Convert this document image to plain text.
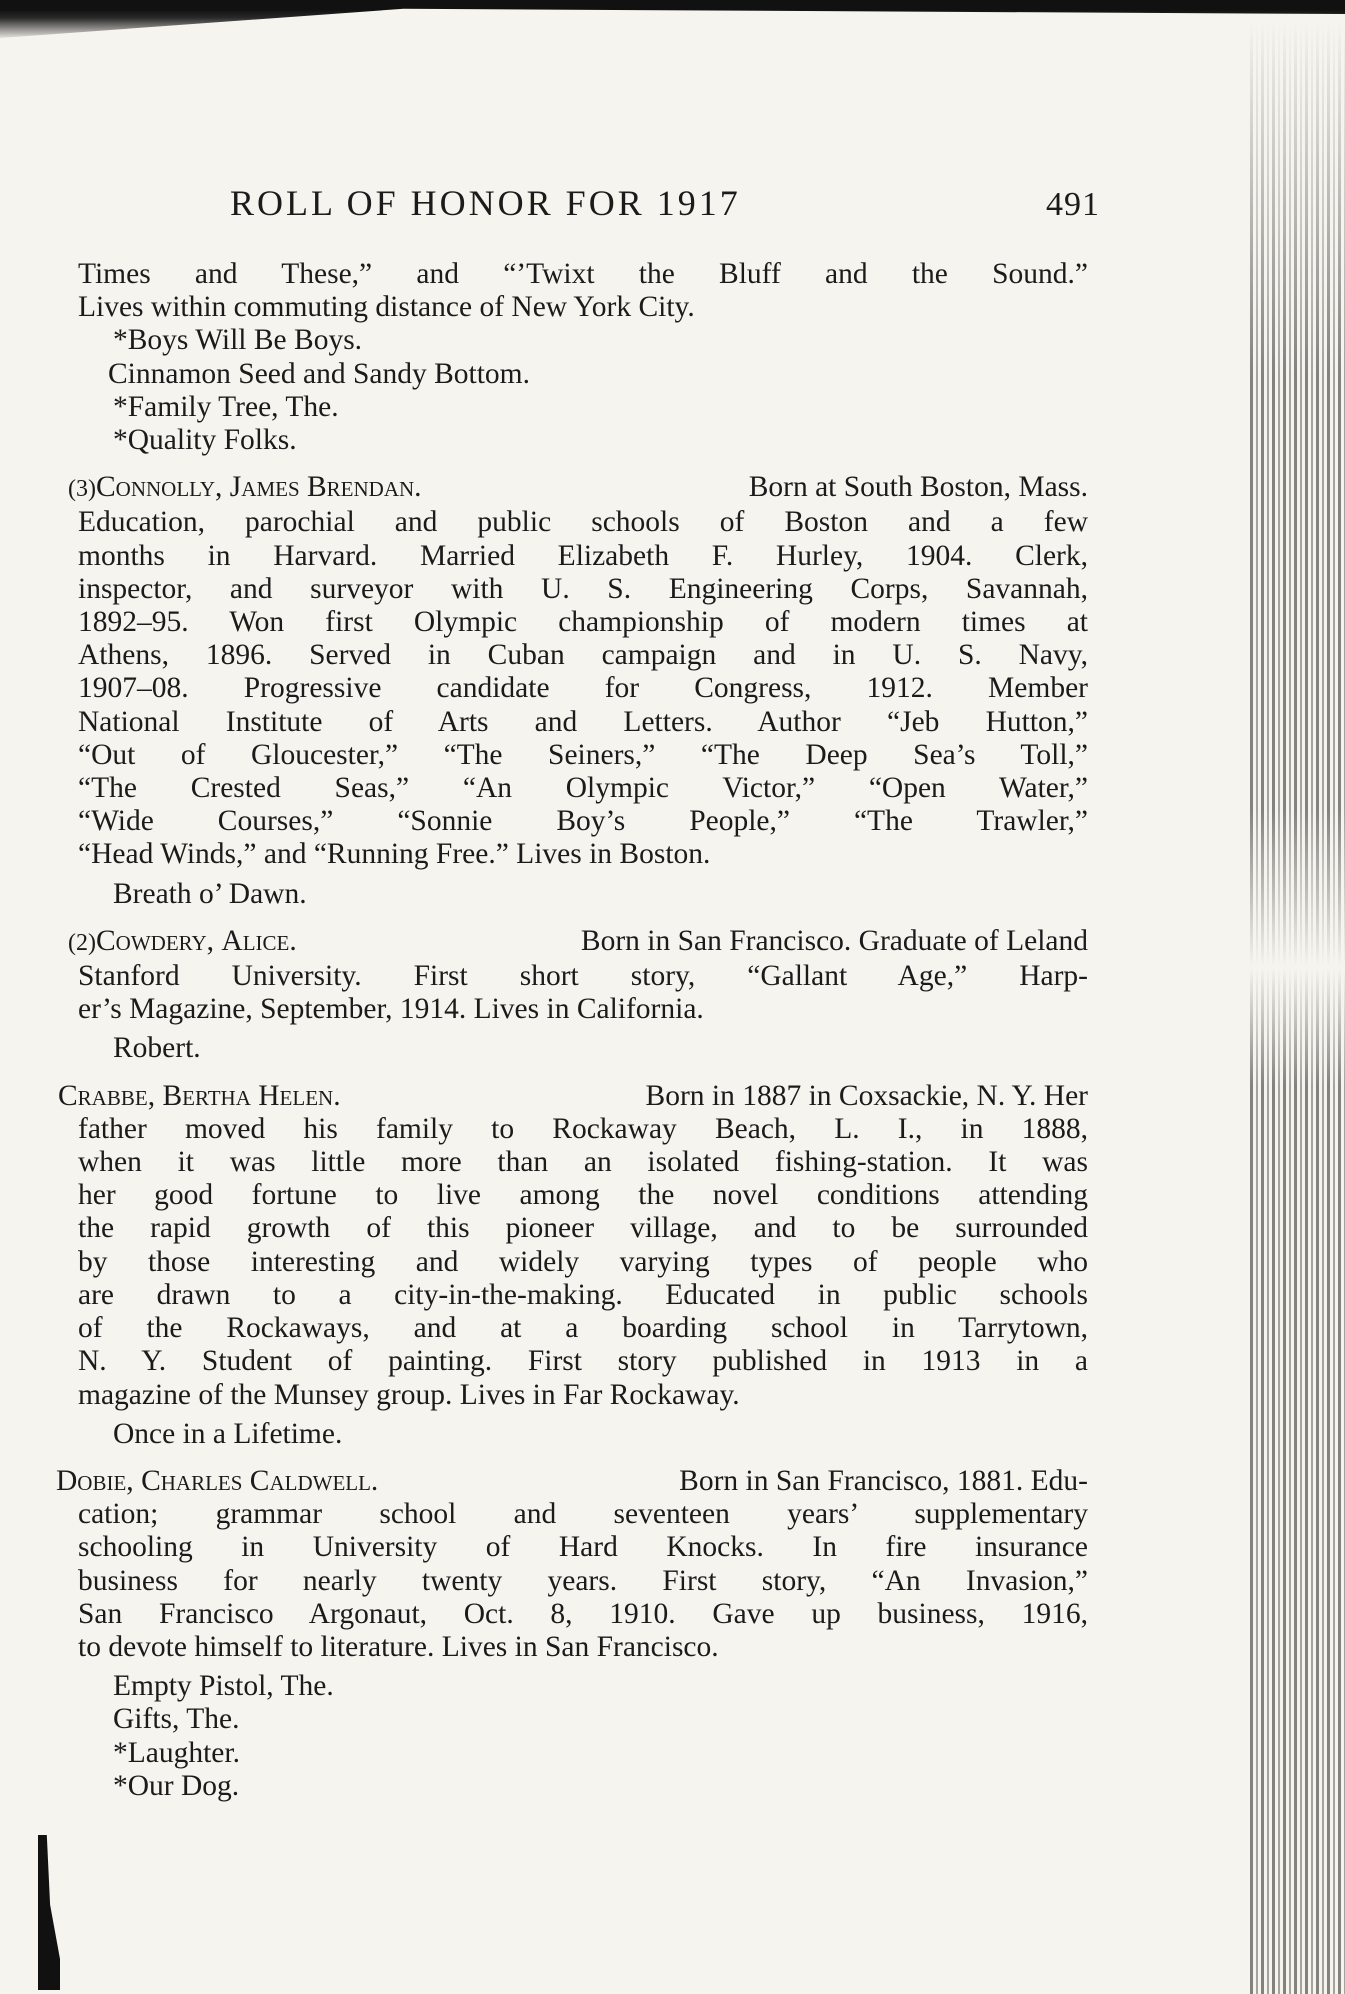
ROLL OF HONOR FOR 1917	491
Times and These,” and “’Twixt the Bluff and the Sound.”
Lives within commuting distance of New York City.
*Boys Will Be Boys.
Cinnamon Seed and Sandy Bottom.
*Family Tree, The.
*Quality Folks.
(3)Connolly, James Brendan.	Born at South Boston, Mass.
Education, parochial and public schools of Boston and a few
months in Harvard. Married Elizabeth F. Hurley, 1904. Clerk,
inspector, and surveyor with U. S. Engineering Corps, Savannah,
1892–95. Won first Olympic championship of modern times at
Athens, 1896. Served in Cuban campaign and in U. S. Navy,
1907–08. Progressive candidate for Congress, 1912. Member
National Institute of Arts and Letters. Author “Jeb Hutton,”
“Out of Gloucester,” “The Seiners,” “The Deep Sea’s Toll,”
“The Crested Seas,” “An Olympic Victor,” “Open Water,”
“Wide Courses,” “Sonnie Boy’s People,” “The Trawler,”
“Head Winds,” and “Running Free.” Lives in Boston.
Breath o’ Dawn.
(2)Cowdery, Alice.	Born in San Francisco. Graduate of Leland
Stanford University. First short story, “Gallant Age,” Harp-
er’s Magazine, September, 1914. Lives in California.
Robert.
Crabbe, Bertha Helen.	Born in 1887 in Coxsackie, N. Y. Her
father moved his family to Rockaway Beach, L. I., in 1888,
when it was little more than an isolated fishing-station. It was
her good fortune to live among the novel conditions attending
the rapid growth of this pioneer village, and to be surrounded
by those interesting and widely varying types of people who
are drawn to a city-in-the-making. Educated in public schools
of the Rockaways, and at a boarding school in Tarrytown,
N. Y. Student of painting. First story published in 1913 in a
magazine of the Munsey group. Lives in Far Rockaway.
Once in a Lifetime.
Dobie, Charles Caldwell.	Born in San Francisco, 1881. Edu-
cation; grammar school and seventeen years’ supplementary
schooling in University of Hard Knocks. In fire insurance
business for nearly twenty years. First story, “An Invasion,”
San Francisco Argonaut, Oct. 8, 1910. Gave up business, 1916,
to devote himself to literature. Lives in San Francisco.
Empty Pistol, The.
Gifts, The.
*Laughter.
*Our Dog.
